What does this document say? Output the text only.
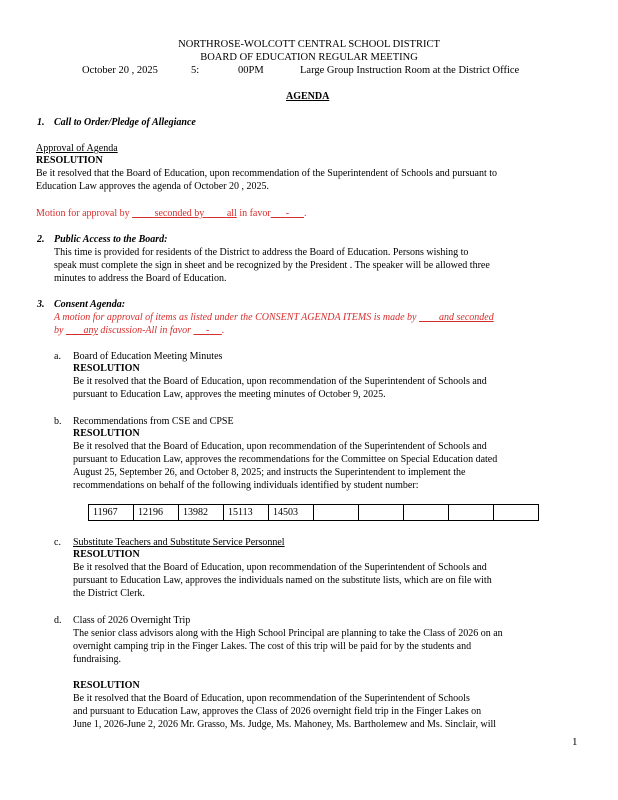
NORTHROSE-WOLCOTT CENTRAL SCHOOL DISTRICT
BOARD OF EDUCATION REGULAR MEETING
October 20 , 2025	5:	00PM	Large Group Instruction Room at the District Office
AGENDA
1. Call to Order/Pledge of Allegiance
Approval of Agenda
RESOLUTION
Be it resolved that the Board of Education, upon recommendation of the Superintendent of Schools and pursuant to
Education Law approves the agenda of October 20 , 2025.
Motion for approval by          seconded by         all in favor - .
2. Public Access to the Board:
This time is provided for residents of the District to address the Board of Education. Persons wishing to
speak must complete the sign in sheet and be recognized by the President . The speaker will be allowed three
minutes to address the Board of Education.
3. Consent Agenda:
A motion for approval of items as listed under the CONSENT AGENDA ITEMS is made by         and seconded
by        any discussion-All in favor      - .
a. Board of Education Meeting Minutes
RESOLUTION
Be it resolved that the Board of Education, upon recommendation of the Superintendent of Schools and
pursuant to Education Law, approves the meeting minutes of October 9, 2025.
b. Recommendations from CSE and CPSE
RESOLUTION
Be it resolved that the Board of Education, upon recommendation of the Superintendent of Schools and
pursuant to Education Law, approves the recommendations for the Committee on Special Education dated
August 25, September 26, and October 8, 2025; and instructs the Superintendent to implement the
recommendations on behalf of the following individuals identified by student number:
11967	12196	13982	15113	14503					
c. Substitute Teachers and Substitute Service Personnel
RESOLUTION
Be it resolved that the Board of Education, upon recommendation of the Superintendent of Schools and
pursuant to Education Law, approves the individuals named on the substitute lists, which are on file with
the District Clerk.
d. Class of 2026 Overnight Trip
The senior class advisors along with the High School Principal are planning to take the Class of 2026 on an
overnight camping trip in the Finger Lakes. The cost of this trip will be paid for by the students and
fundraising.
RESOLUTION
Be it resolved that the Board of Education, upon recommendation of the Superintendent of Schools
and pursuant to Education Law, approves the Class of 2026 overnight field trip in the Finger Lakes on
June 1, 2026-June 2, 2026 Mr. Grasso, Ms. Judge, Ms. Mahoney, Ms. Bartholemew and Ms. Sinclair, will
1
